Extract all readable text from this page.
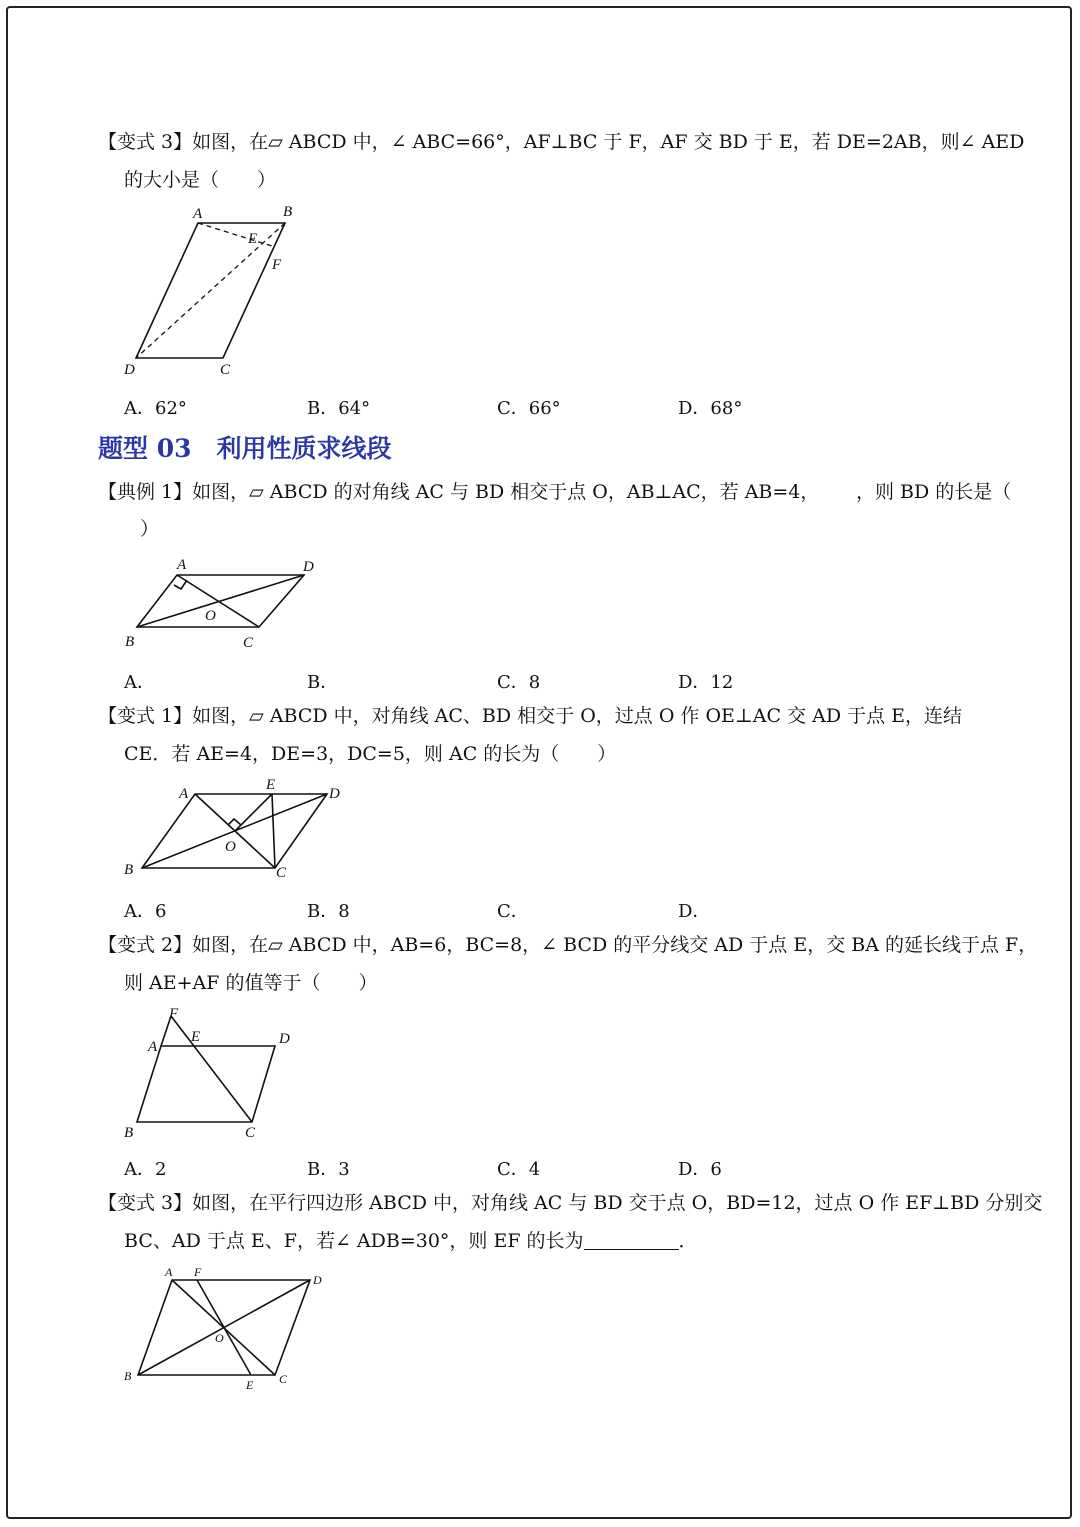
【变式 3】如图，在▱ ABCD 中，∠ ABC=66°，AF⊥BC 于 F，AF 交 BD 于 E，若 DE=2AB，则∠ AED
的大小是（　　）
A	B
E
F
D	C
A．62°	B．64°	C．66°	D．68°
题型 03　利用性质求线段
【典例 1】如图，▱ ABCD 的对角线 AC 与 BD 相交于点 O，AB⊥AC，若 AB=4， ，则 BD 的长是（
）
A	D
O
B	C
A．	B．	C．8	D．12
【变式 1】如图，▱ ABCD 中，对角线 AC、BD 相交于 O，过点 O 作 OE⊥AC 交 AD 于点 E，连结
CE．若 AE=4，DE=3，DC=5，则 AC 的长为（　　）
A
E
D
O
B	C
A．6	B．8	C．	D．
【变式 2】如图，在▱ ABCD 中，AB=6，BC=8，∠ BCD 的平分线交 AD 于点 E，交 BA 的延长线于点 F，
则 AE+AF 的值等于（　　）
F
A
E	D
B	C
A．2	B．3	C．4	D．6
【变式 3】如图，在平行四边形 ABCD 中，对角线 AC 与 BD 交于点 O，BD=12，过点 O 作 EF⊥BD 分别交
BC、AD 于点 E、F，若∠ ADB=30°，则 EF 的长为	．
A F
D
O
B
E C
